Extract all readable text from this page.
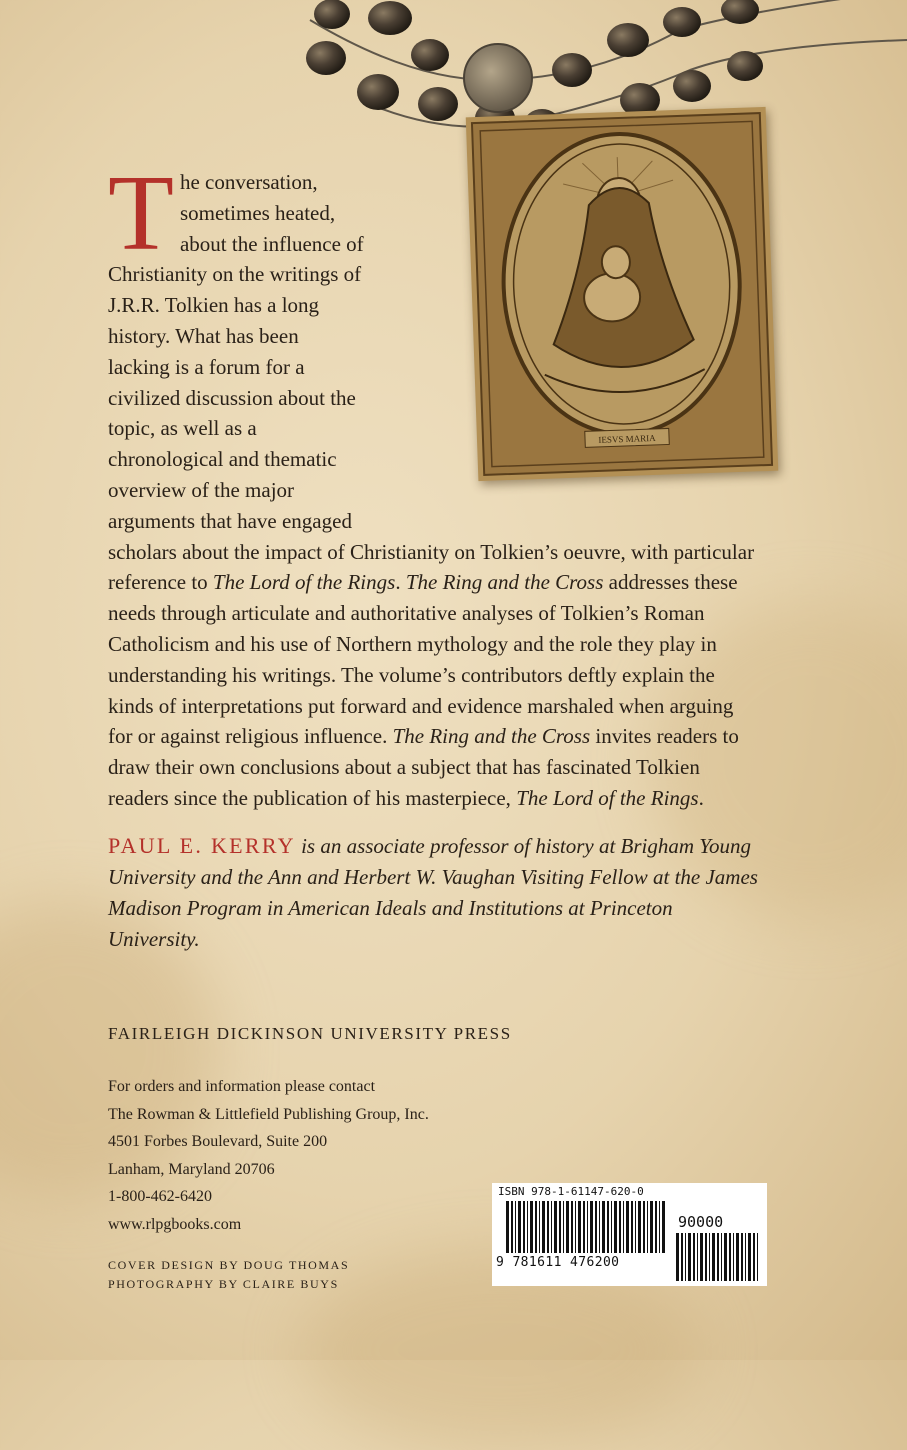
IESVS MARIA

The conversation, sometimes heated, about the influence of Christianity on the writings of J.R.R. Tolkien has a long history. What has been lacking is a forum for a civilized discussion about the topic, as well as a chronological and thematic overview of the major arguments that have engaged scholars about the impact of Christianity on Tolkien’s oeuvre, with particular reference to The Lord of the Rings. The Ring and the Cross addresses these needs through articulate and authoritative analyses of Tolkien’s Roman Catholicism and his use of Northern mythology and the role they play in understanding his writings. The volume’s contributors deftly explain the kinds of interpretations put forward and evidence marshaled when arguing for or against religious influence. The Ring and the Cross invites readers to draw their own conclusions about a subject that has fascinated Tolkien readers since the publication of his masterpiece, The Lord of the Rings.

PAUL E. KERRY is an associate professor of history at Brigham Young University and the Ann and Herbert W. Vaughan Visiting Fellow at the James Madison Program in American Ideals and Institutions at Princeton University.

FAIRLEIGH DICKINSON UNIVERSITY PRESS

For orders and information please contact
The Rowman & Littlefield Publishing Group, Inc.
4501 Forbes Boulevard, Suite 200
Lanham, Maryland 20706
1-800-462-6420
www.rlpgbooks.com
COVER DESIGN BY DOUG THOMAS
PHOTOGRAPHY BY CLAIRE BUYS

ISBN 978-1-61147-620-0

90000

9 781611 476200
